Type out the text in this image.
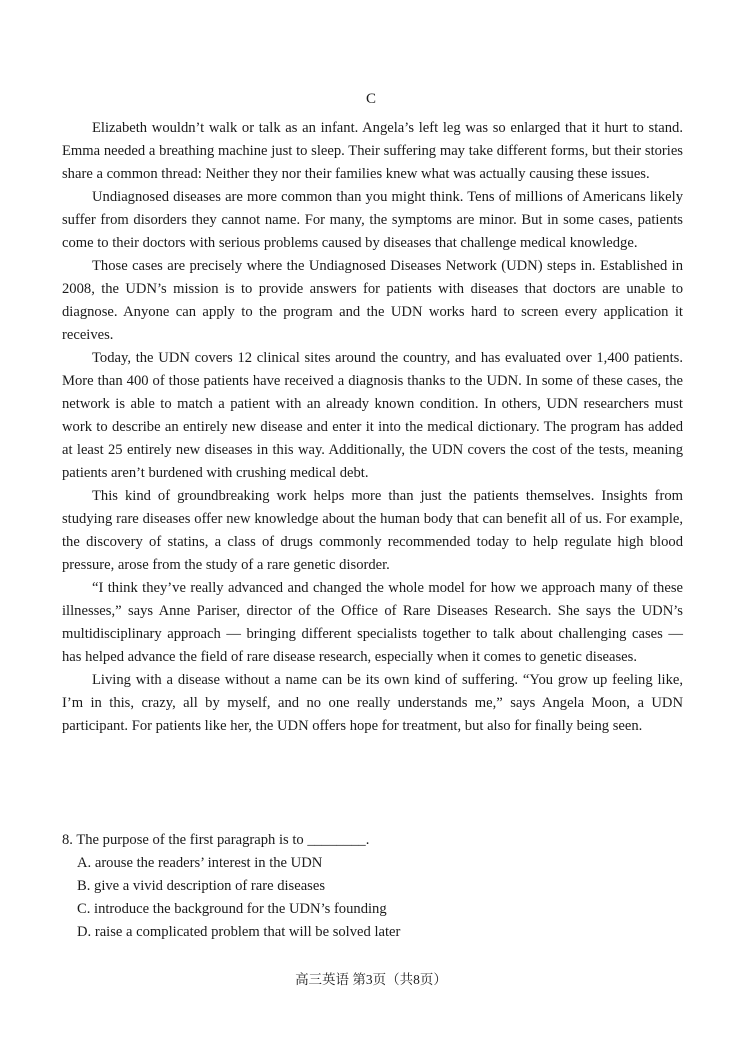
C

Elizabeth wouldn’t walk or talk as an infant. Angela’s left leg was so enlarged that it hurt to stand. Emma needed a breathing machine just to sleep. Their suffering may take different forms, but their stories share a common thread: Neither they nor their families knew what was actually causing these issues.

Undiagnosed diseases are more common than you might think. Tens of millions of Americans likely suffer from disorders they cannot name. For many, the symptoms are minor. But in some cases, patients come to their doctors with serious problems caused by diseases that challenge medical knowledge.

Those cases are precisely where the Undiagnosed Diseases Network (UDN) steps in. Established in 2008, the UDN’s mission is to provide answers for patients with diseases that doctors are unable to diagnose. Anyone can apply to the program and the UDN works hard to screen every application it receives.

Today, the UDN covers 12 clinical sites around the country, and has evaluated over 1,400 patients. More than 400 of those patients have received a diagnosis thanks to the UDN. In some of these cases, the network is able to match a patient with an already known condition. In others, UDN researchers must work to describe an entirely new disease and enter it into the medical dictionary. The program has added at least 25 entirely new diseases in this way. Additionally, the UDN covers the cost of the tests, meaning patients aren’t burdened with crushing medical debt.

This kind of groundbreaking work helps more than just the patients themselves. Insights from studying rare diseases offer new knowledge about the human body that can benefit all of us. For example, the discovery of statins, a class of drugs commonly recommended today to help regulate high blood pressure, arose from the study of a rare genetic disorder.

“I think they’ve really advanced and changed the whole model for how we approach many of these illnesses,” says Anne Pariser, director of the Office of Rare Diseases Research. She says the UDN’s multidisciplinary approach — bringing different specialists together to talk about challenging cases — has helped advance the field of rare disease research, especially when it comes to genetic diseases.

Living with a disease without a name can be its own kind of suffering. “You grow up feeling like, I’m in this, crazy, all by myself, and no one really understands me,” says Angela Moon, a UDN participant. For patients like her, the UDN offers hope for treatment, but also for finally being seen.

8. The purpose of the first paragraph is to ________.

A. arouse the readers’ interest in the UDN

B. give a vivid description of rare diseases

C. introduce the background for the UDN’s founding

D. raise a complicated problem that will be solved later

高三英语 第3页（共8页）
